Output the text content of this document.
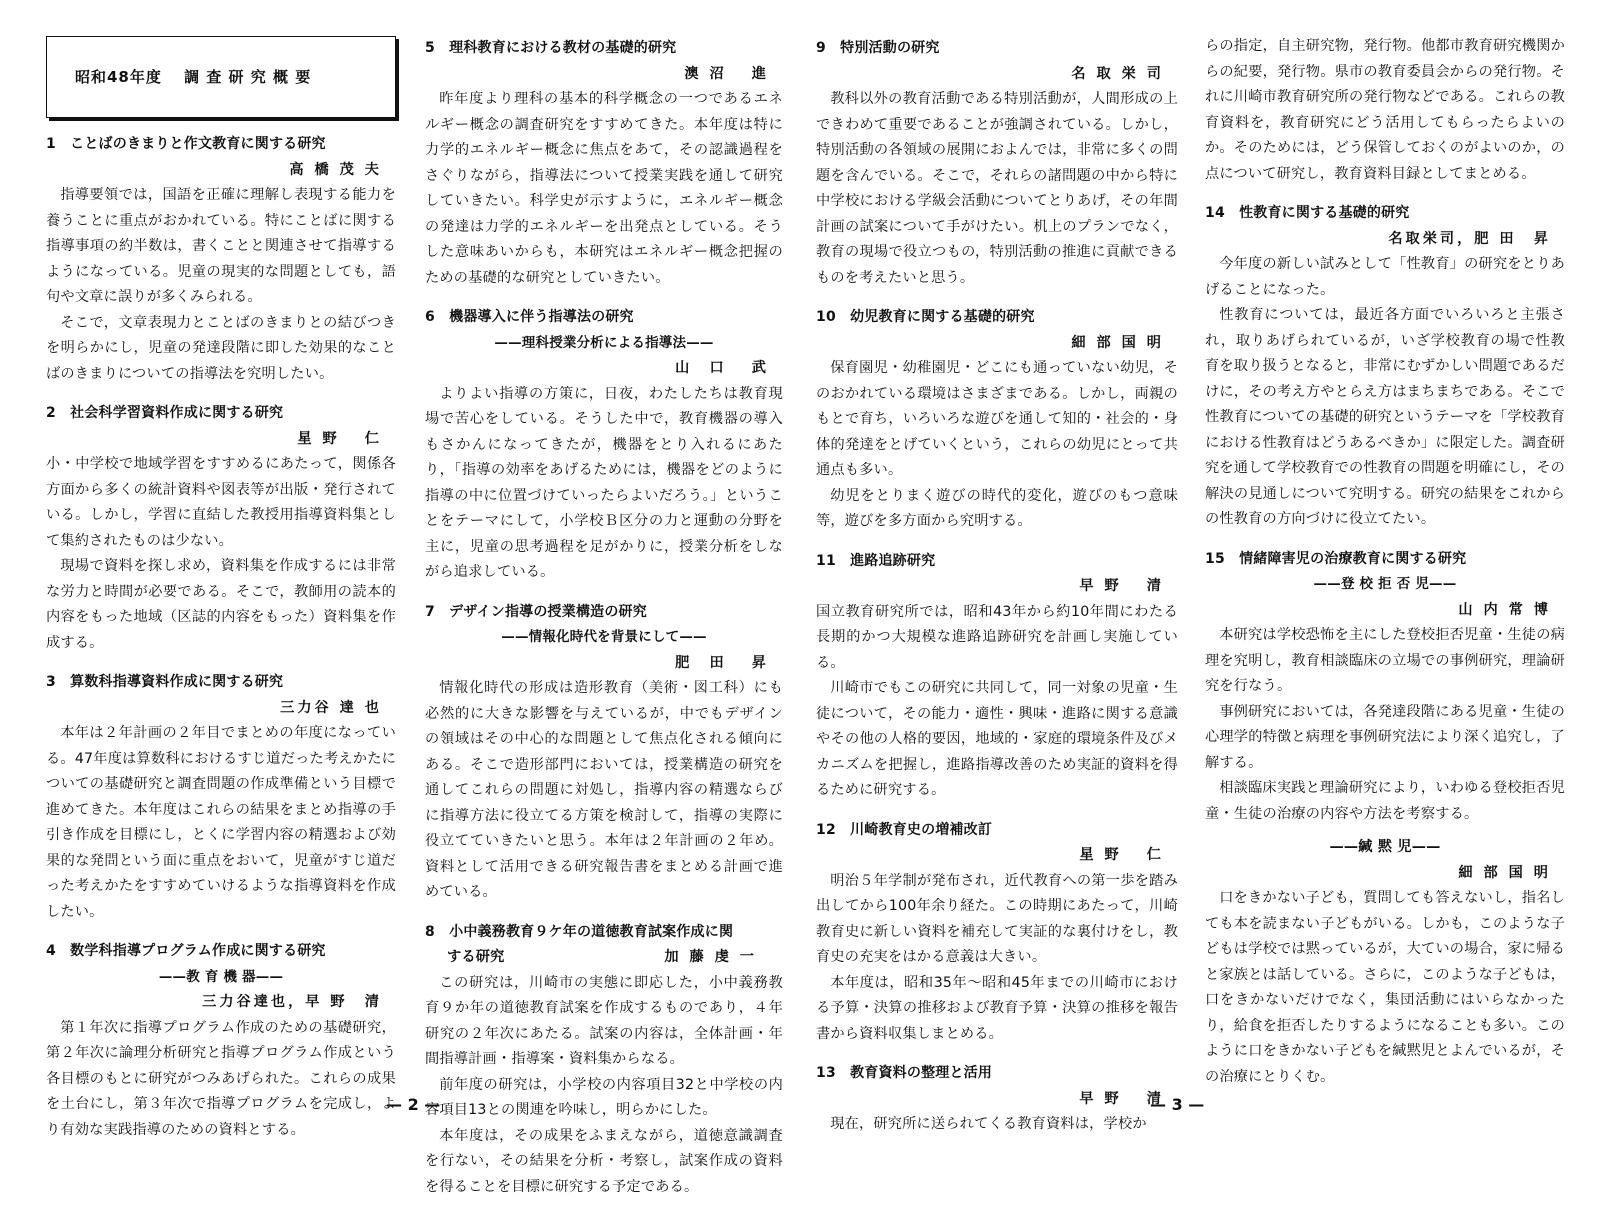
昭和48年度　 調 査 研 究 概 要

1　ことばのきまりと作文教育に関する研究

高 橋 茂 夫

指導要領では，国語を正確に理解し表現する能力を養うことに重点がおかれている。特にことばに関する指導事項の約半数は，書くことと関連させて指導するようになっている。児童の現実的な問題としても，語句や文章に誤りが多くみられる。

そこで，文章表現力とことばのきまりとの結びつきを明らかにし，児童の発達段階に即した効果的なことばのきまりについての指導法を究明したい。

2　社会科学習資料作成に関する研究

星 野　 仁

小・中学校で地域学習をすすめるにあたって，関係各方面から多くの統計資料や図表等が出版・発行されている。しかし，学習に直結した教授用指導資料集として集約されたものは少ない。

現場で資料を探し求め，資料集を作成するには非常な労力と時間が必要である。そこで，教師用の読本的内容をもった地域（区誌的内容をもった）資料集を作成する。

3　算数科指導資料作成に関する研究

三力谷 達 也

本年は２年計画の２年目でまとめの年度になっている。47年度は算数科におけるすじ道だった考えかたについての基礎研究と調査問題の作成準備という目標で進めてきた。本年度はこれらの結果をまとめ指導の手引き作成を目標にし，とくに学習内容の精選および効果的な発問という面に重点をおいて，児童がすじ道だった考えかたをすすめていけるような指導資料を作成したい。

4　数学科指導プログラム作成に関する研究

——教 育 機 器——

三力谷達也，早 野　清

第１年次に指導プログラム作成のための基礎研究，第２年次に論理分析研究と指導プログラム作成という各目標のもとに研究がつみあげられた。これらの成果を土台にし，第３年次で指導プログラムを完成し，より有効な実践指導のための資料とする。

5　理科教育における教材の基礎的研究

澳 沼　 進

昨年度より理科の基本的科学概念の一つであるエネルギー概念の調査研究をすすめてきた。本年度は特に力学的エネルギー概念に焦点をあて，その認識過程をさぐりながら，指導法について授業実践を通して研究していきたい。科学史が示すように，エネルギー概念の発達は力学的エネルギーを出発点としている。そうした意味あいからも，本研究はエネルギー概念把握のための基礎的な研究としていきたい。

6　機器導入に伴う指導法の研究

——理科授業分析による指導法——

山　口　 武

よりよい指導の方策に，日夜，わたしたちは教育現場で苦心をしている。そうした中で，教育機器の導入もさかんになってきたが，機器をとり入れるにあたり，「指導の効率をあげるためには，機器をどのように指導の中に位置づけていったらよいだろう。」ということをテーマにして，小学校Ｂ区分の力と運動の分野を主に，児童の思考過程を足がかりに，授業分析をしながら追求している。

7　デザイン指導の授業構造の研究

——情報化時代を背景にして——

肥　田　 昇

情報化時代の形成は造形教育（美術・図工科）にも必然的に大きな影響を与えているが，中でもデザインの領域はその中心的な問題として焦点化される傾向にある。そこで造形部門においては，授業構造の研究を通してこれらの問題に対処し，指導内容の精選ならびに指導方法に役立てる方策を検討して，指導の実際に役立てていきたいと思う。本年は２年計画の２年め。資料として活用できる研究報告書をまとめる計画で進めている。

8　小中義務教育９ケ年の道徳教育試案作成に関

する研究	加 藤 虔 一

この研究は，川崎市の実態に即応した，小中義務教育９か年の道徳教育試案を作成するものであり，４年研究の２年次にあたる。試案の内容は，全体計画・年間指導計画・指導案・資料集からなる。

前年度の研究は，小学校の内容項目32と中学校の内容項目13との関連を吟味し，明らかにした。

本年度は，その成果をふまえながら，道徳意識調査を行ない，その結果を分析・考察し，試案作成の資料を得ることを目標に研究する予定である。

9　特別活動の研究

名 取 栄 司

教科以外の教育活動である特別活動が，人間形成の上できわめて重要であることが強調されている。しかし，特別活動の各領域の展開におよんでは，非常に多くの問題を含んでいる。そこで，それらの諸問題の中から特に中学校における学級会活動についてとりあげ，その年間計画の試案について手がけたい。机上のプランでなく，教育の現場で役立つもの，特別活動の推進に貢献できるものを考えたいと思う。

10　幼児教育に関する基礎的研究

細 部 国 明

保育園児・幼稚園児・どこにも通っていない幼児，そのおかれている環境はさまざまである。しかし，両親のもとで育ち，いろいろな遊びを通して知的・社会的・身体的発達をとげていくという，これらの幼児にとって共通点も多い。

幼児をとりまく遊びの時代的変化，遊びのもつ意味等，遊びを多方面から究明する。

11　進路追跡研究

早 野　 清

国立教育研究所では，昭和43年から約10年間にわたる長期的かつ大規模な進路追跡研究を計画し実施している。

川崎市でもこの研究に共同して，同一対象の児童・生徒について，その能力・適性・興味・進路に関する意識やその他の人格的要因，地域的・家庭的環境条件及びメカニズムを把握し，進路指導改善のため実証的資料を得るために研究する。

12　川崎教育史の増補改訂

星 野　 仁

明治５年学制が発布され，近代教育への第一歩を踏み出してから100年余り経た。この時期にあたって，川崎教育史に新しい資料を補充して実証的な裏付けをし，教育史の充実をはかる意義は大きい。

本年度は，昭和35年〜昭和45年までの川崎市における予算・決算の推移および教育予算・決算の推移を報告書から資料収集しまとめる。

13　教育資料の整理と活用

早 野　 清

現在，研究所に送られてくる教育資料は，学校か

らの指定，自主研究物，発行物。他都市教育研究機関からの紀要，発行物。県市の教育委員会からの発行物。それに川崎市教育研究所の発行物などである。これらの教育資料を，教育研究にどう活用してもらったらよいのか。そのためには，どう保管しておくのがよいのか，の点について研究し，教育資料目録としてまとめる。

14　性教育に関する基礎的研究

名取栄司，肥 田　昇

今年度の新しい試みとして「性教育」の研究をとりあげることになった。

性教育については，最近各方面でいろいろと主張され，取りあげられているが，いざ学校教育の場で性教育を取り扱うとなると，非常にむずかしい問題であるだけに，その考え方やとらえ方はまちまちである。そこで性教育についての基礎的研究というテーマを「学校教育における性教育はどうあるべきか」に限定した。調査研究を通して学校教育での性教育の問題を明確にし，その解決の見通しについて究明する。研究の結果をこれからの性教育の方向づけに役立てたい。

15　情緒障害児の治療教育に関する研究

——登 校 拒 否 児——

山 内 常 博

本研究は学校恐怖を主にした登校拒否児童・生徒の病理を究明し，教育相談臨床の立場での事例研究，理論研究を行なう。

事例研究においては，各発達段階にある児童・生徒の心理学的特徴と病理を事例研究法により深く追究し，了解する。

相談臨床実践と理論研究により，いわゆる登校拒否児童・生徒の治療の内容や方法を考察する。

——緘 黙 児——

細 部 国 明

口をきかない子ども，質問しても答えないし，指名しても本を読まない子どもがいる。しかも，このような子どもは学校では黙っているが，大ていの場合，家に帰ると家族とは話している。さらに，このような子どもは，口をきかないだけでなく，集団活動にはいらなかったり，給食を拒否したりするようになることも多い。このように口をきかない子どもを緘黙児とよんでいるが，その治療にとりくむ。

— 2 —	— 3 —
